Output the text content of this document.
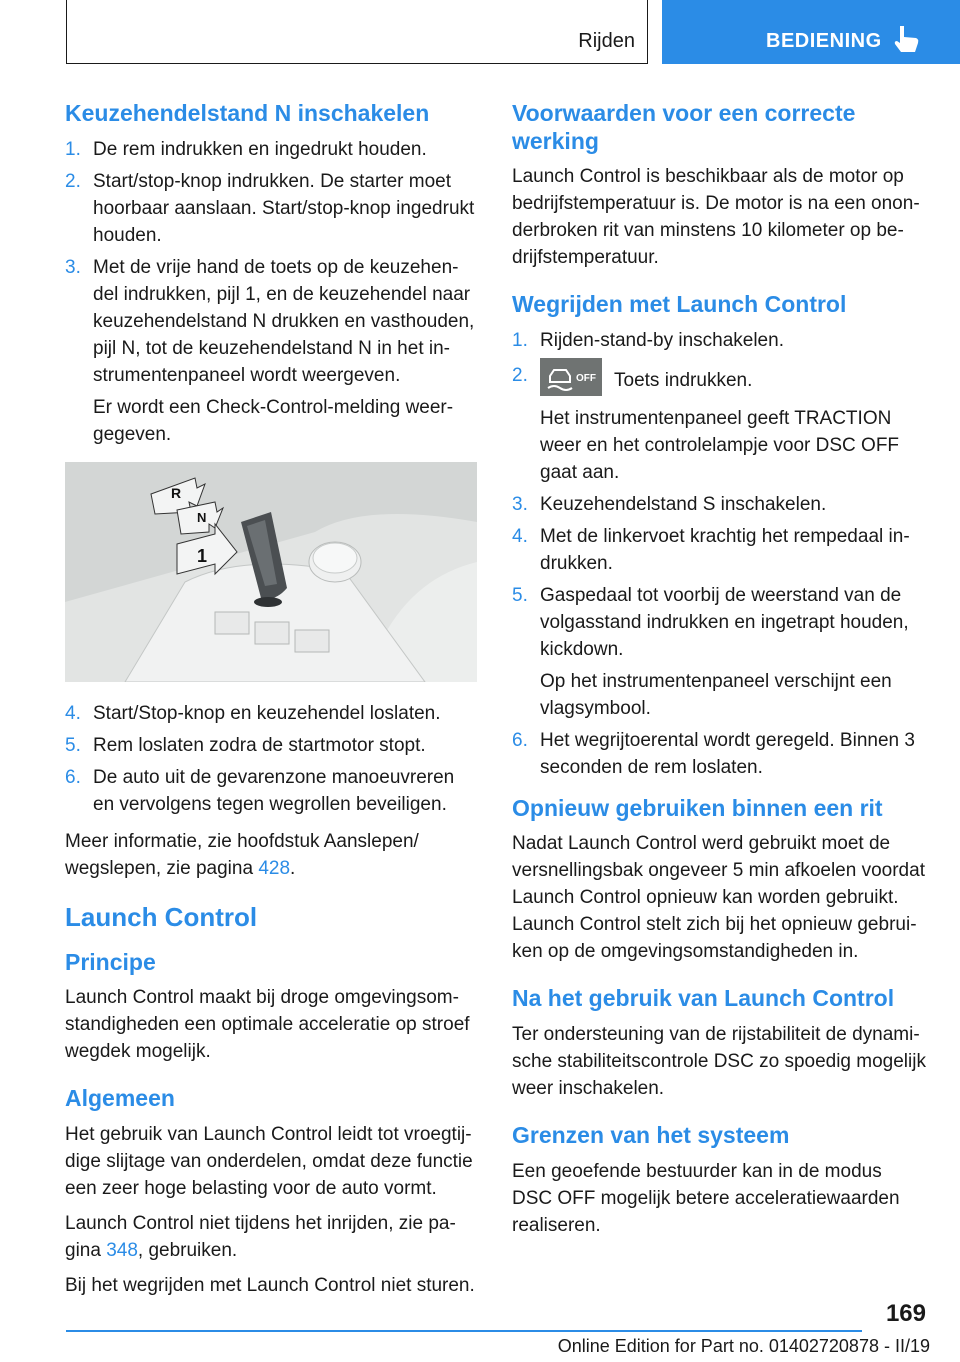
Rijden	BEDIENING
Keuzehendelstand N inschakelen
1. De rem indrukken en ingedrukt houden.
2. Start/stop-knop indrukken. De starter moet hoorbaar aanslaan. Start/stop-knop ingedrukt houden.
3. Met de vrije hand de toets op de keuzehendel indrukken, pijl 1, en de keuzehendel naar keuzehendelstand N drukken en vasthouden, pijl N, tot de keuzehendelstand N in het instrumentenpaneel wordt weergeven.
Er wordt een Check-Control-melding weergegeven.
R
N
1
4. Start/Stop-knop en keuzehendel loslaten.
5. Rem loslaten zodra de startmotor stopt.
6. De auto uit de gevarenzone manoeuvreren en vervolgens tegen wegrollen beveiligen.

Meer informatie, zie hoofdstuk Aanslepen/ wegslepen, zie pagina 428.

Launch Control
Principe

Launch Control maakt bij droge omgevingsomstandigheden een optimale acceleratie op stroef wegdek mogelijk.

Algemeen

Het gebruik van Launch Control leidt tot vroegtijdige slijtage van onderdelen, omdat deze functie een zeer hoge belasting voor de auto vormt.

Launch Control niet tijdens het inrijden, zie pagina 348, gebruiken.

Bij het wegrijden met Launch Control niet sturen.

Voorwaarden voor een correcte werking

Launch Control is beschikbaar als de motor op bedrijfstemperatuur is. De motor is na een ononderbroken rit van minstens 10 kilometer op bedrijfstemperatuur.

Wegrijden met Launch Control
1. Rijden-stand-by inschakelen.
2.	OFF Toets indrukken.
Het instrumentenpaneel geeft TRACTION weer en het controlelampje voor DSC OFF gaat aan.
3. Keuzehendelstand S inschakelen.
4. Met de linkervoet krachtig het rempedaal indrukken.
5. Gaspedaal tot voorbij de weerstand van de volgasstand indrukken en ingetrapt houden, kickdown.
Op het instrumentenpaneel verschijnt een vlagsymbool.
6. Het wegrijtoerental wordt geregeld. Binnen 3 seconden de rem loslaten.
Opnieuw gebruiken binnen een rit

Nadat Launch Control werd gebruikt moet de versnellingsbak ongeveer 5 min afkoelen voordat Launch Control opnieuw kan worden gebruikt. Launch Control stelt zich bij het opnieuw gebruiken op de omgevingsomstandigheden in.

Na het gebruik van Launch Control

Ter ondersteuning van de rijstabiliteit de dynamische stabiliteitscontrole DSC zo spoedig mogelijk weer inschakelen.

Grenzen van het systeem

Een geoefende bestuurder kan in de modus DSC OFF mogelijk betere acceleratiewaarden realiseren.

169
Online Edition for Part no. 01402720878 - II/19
